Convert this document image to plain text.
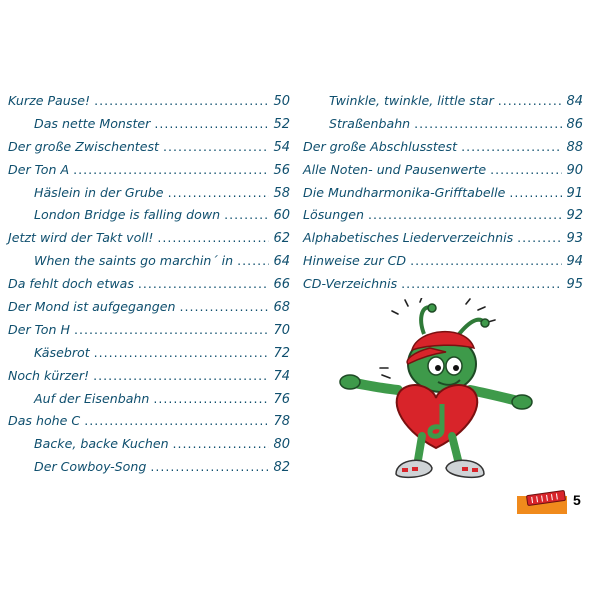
Kurze Pause! .....	50
Das nette Monster .....	52
Der große Zwischentest .....	54
Der Ton A .....	56
Häslein in der Grube .....	58
London Bridge is falling down .....	60
Jetzt wird der Takt voll! .....	62
When the saints go marchin´ in .....	64
Da fehlt doch etwas .....	66
Der Mond ist aufgegangen .....	68
Der Ton H .....	70
Käsebrot .....	72
Noch kürzer! .....	74
Auf der Eisenbahn .....	76
Das hohe C .....	78
Backe, backe Kuchen .....	80
Der Cowboy-Song .....	82
Twinkle, twinkle, little star .....	84
Straßenbahn .....	86
Der große Abschlusstest .....	88
Alle Noten- und Pausenwerte .....	90
Die Mundharmonika-Grifftabelle .....	91
Lösungen .....	92
Alphabetisches Liederverzeichnis .....	93
Hinweise zur CD .....	94
CD-Verzeichnis .....	95
5
